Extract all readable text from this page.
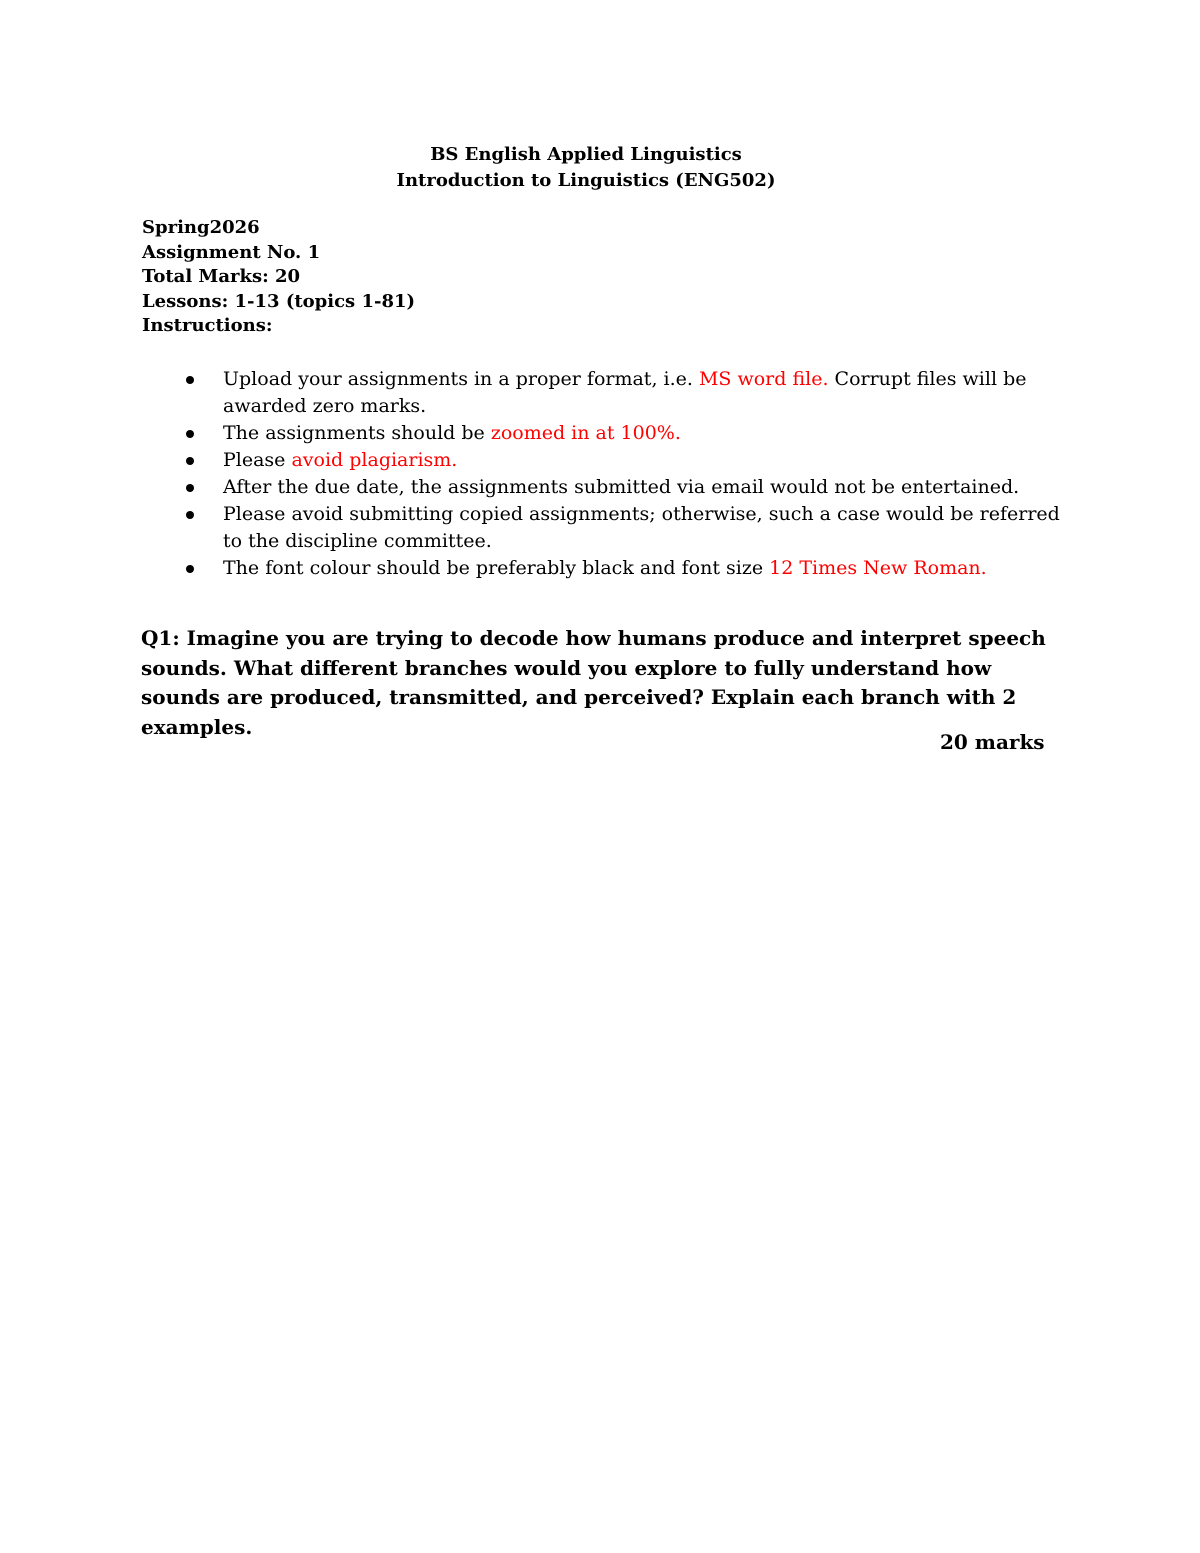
BS English Applied Linguistics
Introduction to Linguistics (ENG502)
Spring2026
Assignment No. 1
Total Marks: 20
Lessons: 1-13 (topics 1-81)
Instructions:
Upload your assignments in a proper format, i.e. MS word file. Corrupt files will be awarded zero marks.
The assignments should be zoomed in at 100%.
Please avoid plagiarism.
After the due date, the assignments submitted via email would not be entertained.
Please avoid submitting copied assignments; otherwise, such a case would be referred to the discipline committee.
The font colour should be preferably black and font size 12 Times New Roman.
Q1: Imagine you are trying to decode how humans produce and interpret speech sounds. What different branches would you explore to fully understand how sounds are produced, transmitted, and perceived? Explain each branch with 2 examples.
20 marks
